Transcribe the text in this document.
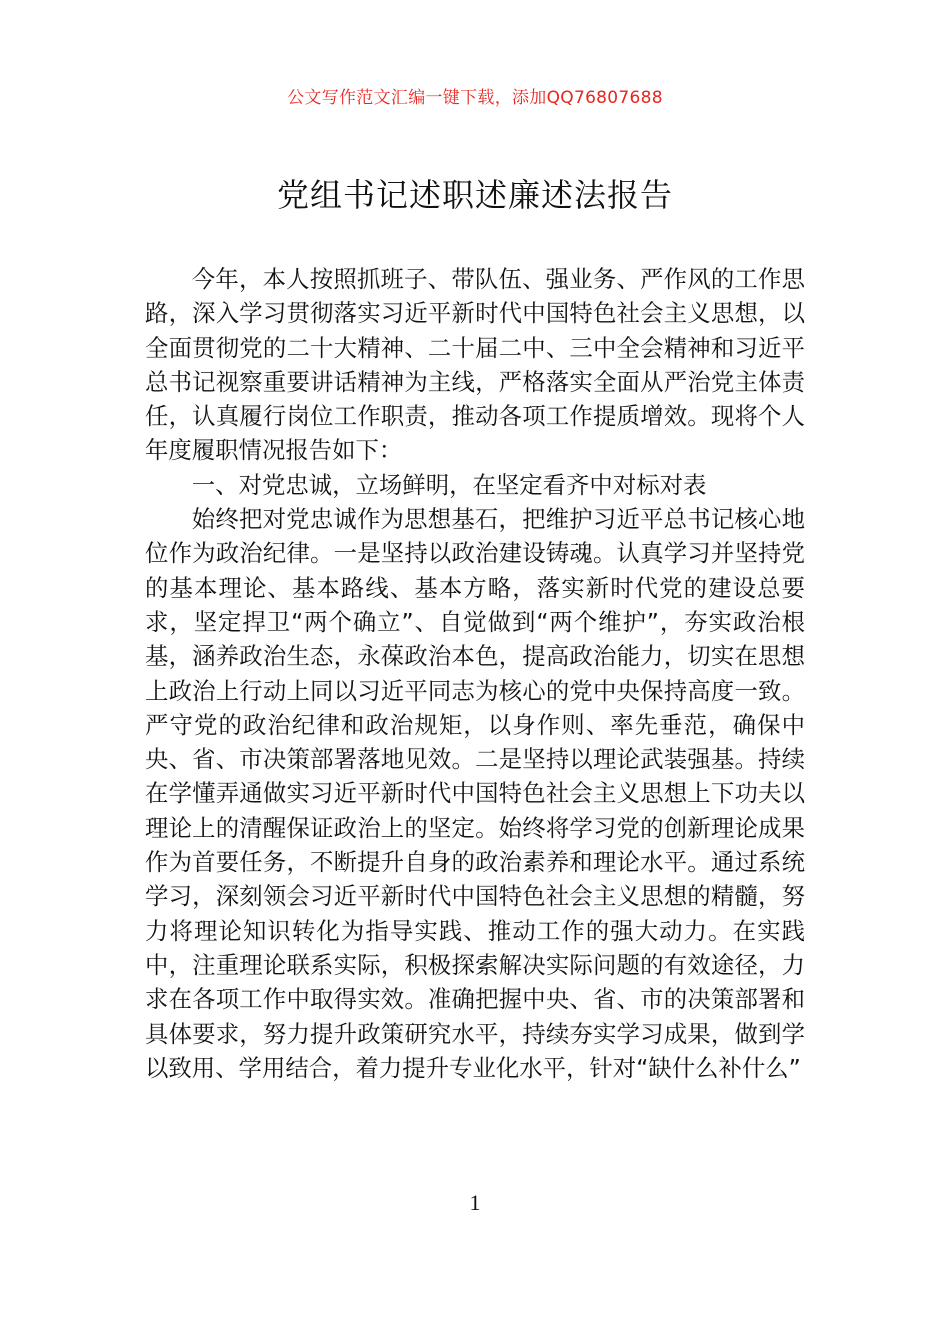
公文写作范文汇编一键下载，添加QQ76807688
党组书记述职述廉述法报告

今年，本人按照抓班子、带队伍、强业务、严作风的工作思路，深入学习贯彻落实习近平新时代中国特色社会主义思想，以全面贯彻党的二十大精神、二十届二中、三中全会精神和习近平总书记视察重要讲话精神为主线，严格落实全面从严治党主体责任，认真履行岗位工作职责，推动各项工作提质增效。现将个人年度履职情况报告如下：

一、对党忠诚，立场鲜明，在坚定看齐中对标对表

始终把对党忠诚作为思想基石，把维护习近平总书记核心地位作为政治纪律。一是坚持以政治建设铸魂。认真学习并坚持党的基本理论、基本路线、基本方略，落实新时代党的建设总要求，坚定捍卫“两个确立”、自觉做到“两个维护”，夯实政治根基，涵养政治生态，永葆政治本色，提高政治能力，切实在思想上政治上行动上同以习近平同志为核心的党中央保持高度一致。严守党的政治纪律和政治规矩，以身作则、率先垂范，确保中央、省、市决策部署落地见效。二是坚持以理论武装强基。持续在学懂弄通做实习近平新时代中国特色社会主义思想上下功夫以理论上的清醒保证政治上的坚定。始终将学习党的创新理论成果作为首要任务，不断提升自身的政治素养和理论水平。通过系统学习，深刻领会习近平新时代中国特色社会主义思想的精髓，努力将理论知识转化为指导实践、推动工作的强大动力。在实践中，注重理论联系实际，积极探索解决实际问题的有效途径，力求在各项工作中取得实效。准确把握中央、省、市的决策部署和具体要求，努力提升政策研究水平，持续夯实学习成果，做到学以致用、学用结合，着力提升专业化水平，针对“缺什么补什么”

1
